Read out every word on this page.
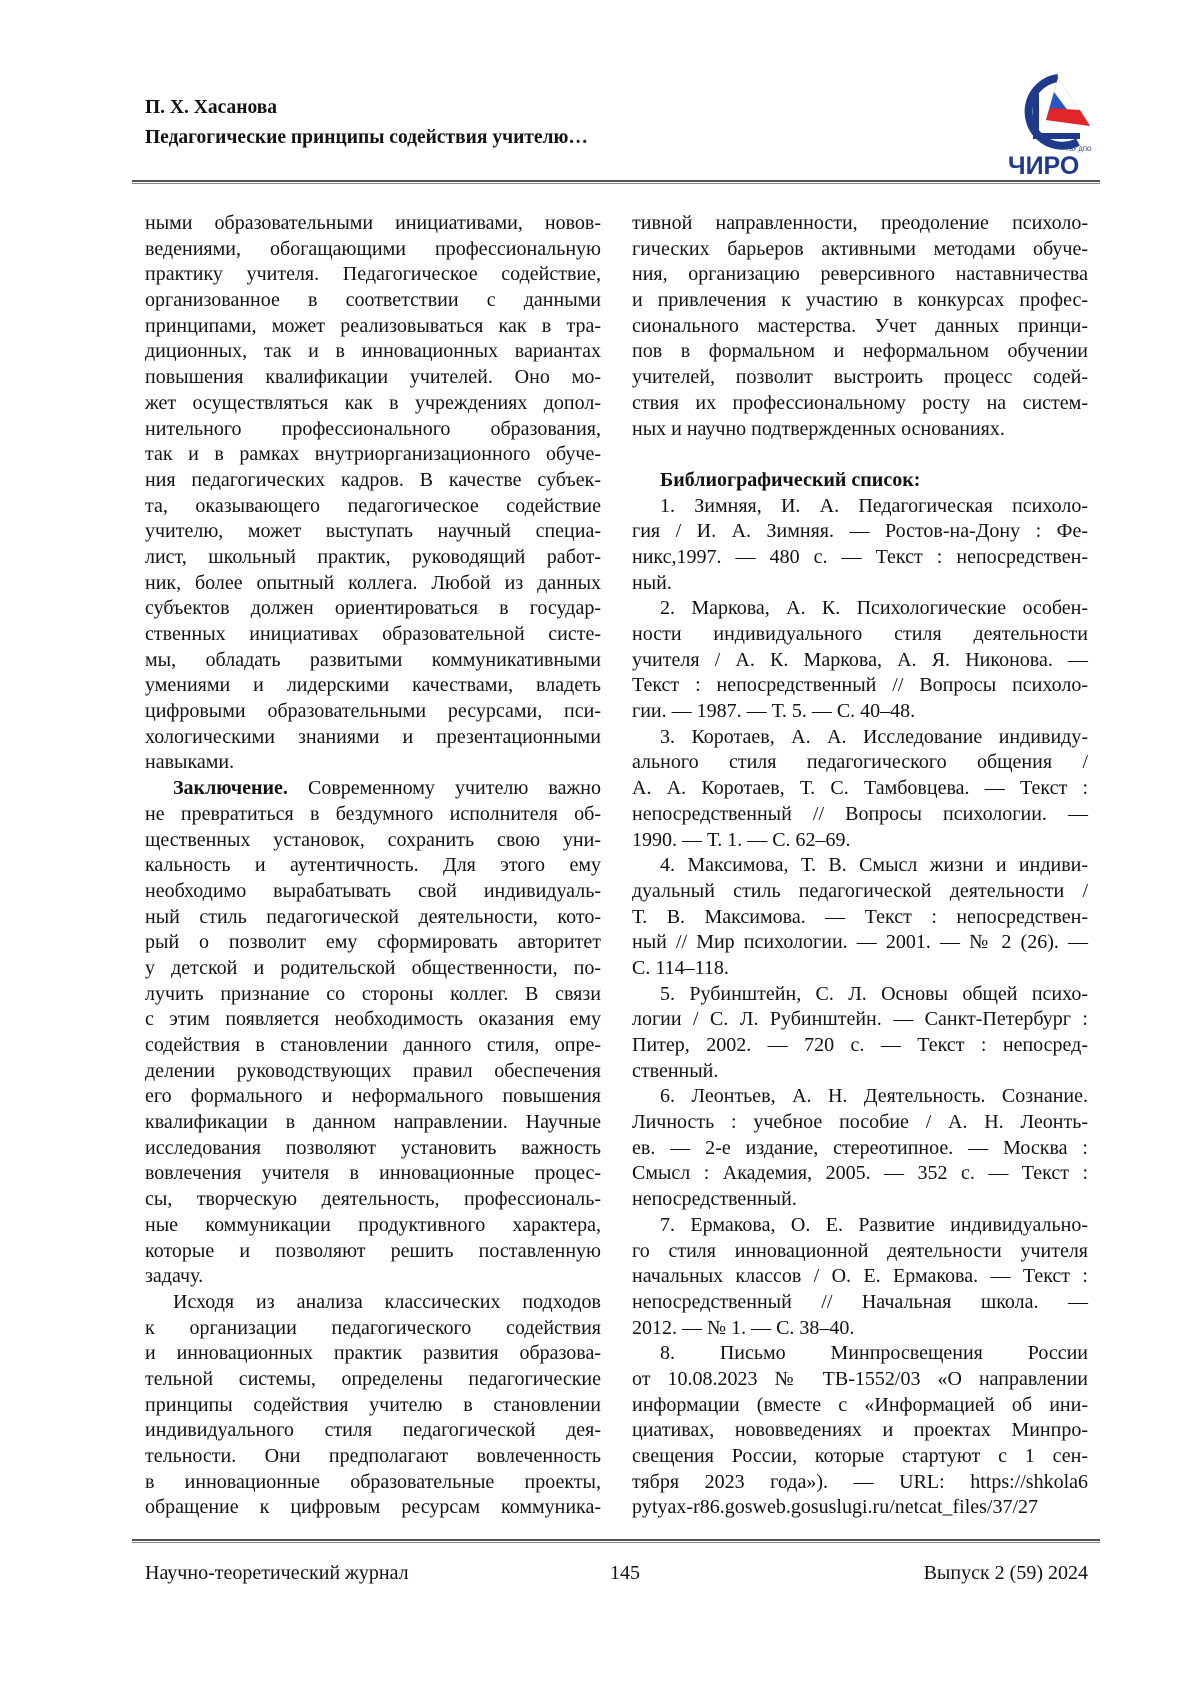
П. Х. Хасанова
Педагогические принципы содействия учителю…
ГБУ ДПО
ЧИРО
ными образовательными инициативами, новов-
ведениями, обогащающими профессиональную
практику учителя. Педагогическое содействие,
организованное в соответствии с данными
принципами, может реализовываться как в тра-
диционных, так и в инновационных вариантах
повышения квалификации учителей. Оно мо-
жет осуществляться как в учреждениях допол-
нительного профессионального образования,
так и в рамках внутриорганизационного обуче-
ния педагогических кадров. В качестве субъек-
та, оказывающего педагогическое содействие
учителю, может выступать научный специа-
лист, школьный практик, руководящий работ-
ник, более опытный коллега. Любой из данных
субъектов должен ориентироваться в государ-
ственных инициативах образовательной систе-
мы, обладать развитыми коммуникативными
умениями и лидерскими качествами, владеть
цифровыми образовательными ресурсами, пси-
хологическими знаниями и презентационными
навыками.
Заключение. Современному учителю важно
не превратиться в бездумного исполнителя об-
щественных установок, сохранить свою уни-
кальность и аутентичность. Для этого ему
необходимо вырабатывать свой индивидуаль-
ный стиль педагогической деятельности, кото-
рый о позволит ему сформировать авторитет
у детской и родительской общественности, по-
лучить признание со стороны коллег. В связи
с этим появляется необходимость оказания ему
содействия в становлении данного стиля, опре-
делении руководствующих правил обеспечения
его формального и неформального повышения
квалификации в данном направлении. Научные
исследования позволяют установить важность
вовлечения учителя в инновационные процес-
сы, творческую деятельность, профессиональ-
ные коммуникации продуктивного характера,
которые и позволяют решить поставленную
задачу.
Исходя из анализа классических подходов
к организации педагогического содействия
и инновационных практик развития образова-
тельной системы, определены педагогические
принципы содействия учителю в становлении
индивидуального стиля педагогической дея-
тельности. Они предполагают вовлеченность
в инновационные образовательные проекты,
обращение к цифровым ресурсам коммуника-
тивной направленности, преодоление психоло-
гических барьеров активными методами обуче-
ния, организацию реверсивного наставничества
и привлечения к участию в конкурсах профес-
сионального мастерства. Учет данных принци-
пов в формальном и неформальном обучении
учителей, позволит выстроить процесс содей-
ствия их профессиональному росту на систем-
ных и научно подтвержденных основаниях.
Библиографический список:
1. Зимняя, И. А. Педагогическая психоло-
гия / И. А. Зимняя. — Ростов-на-Дону : Фе-
никс,1997. — 480 с. — Текст : непосредствен-
ный.
2. Маркова, А. К. Психологические особен-
ности индивидуального стиля деятельности
учителя / А. К. Маркова, А. Я. Никонова. —
Текст : непосредственный // Вопросы психоло-
гии. — 1987. — Т. 5. — С. 40–48.
3. Коротаев, А. А. Исследование индивиду-
ального стиля педагогического общения /
А. А. Коротаев, Т. С. Тамбовцева. — Текст :
непосредственный // Вопросы психологии. —
1990. — Т. 1. — С. 62–69.
4. Максимова, Т. В. Смысл жизни и индиви-
дуальный стиль педагогической деятельности /
Т. В. Максимова. — Текст : непосредствен-
ный // Мир психологии. — 2001. — № 2 (26). —
С. 114–118.
5. Рубинштейн, С. Л. Основы общей психо-
логии / С. Л. Рубинштейн. — Санкт-Петербург :
Питер, 2002. — 720 с. — Текст : непосред-
ственный.
6. Леонтьев, А. Н. Деятельность. Сознание.
Личность : учебное пособие / А. Н. Леонть-
ев. — 2-е издание, стереотипное. — Москва :
Смысл : Академия, 2005. — 352 с. — Текст :
непосредственный.
7. Ермакова, О. Е. Развитие индивидуально-
го стиля инновационной деятельности учителя
начальных классов / О. Е. Ермакова. — Текст :
непосредственный // Начальная школа. —
2012. — № 1. — С. 38–40.
8. Письмо Минпросвещения России
от 10.08.2023 № ТВ-1552/03 «О направлении
информации (вместе с «Информацией об ини-
циативах, нововведениях и проектах Минпро-
свещения России, которые стартуют с 1 сен-
тября 2023 года»). — URL: https://shkola6
pytyax-r86.gosweb.gosuslugi.ru/netcat_files/37/27
Научно-теоретический журнал	145	Выпуск 2 (59) 2024
